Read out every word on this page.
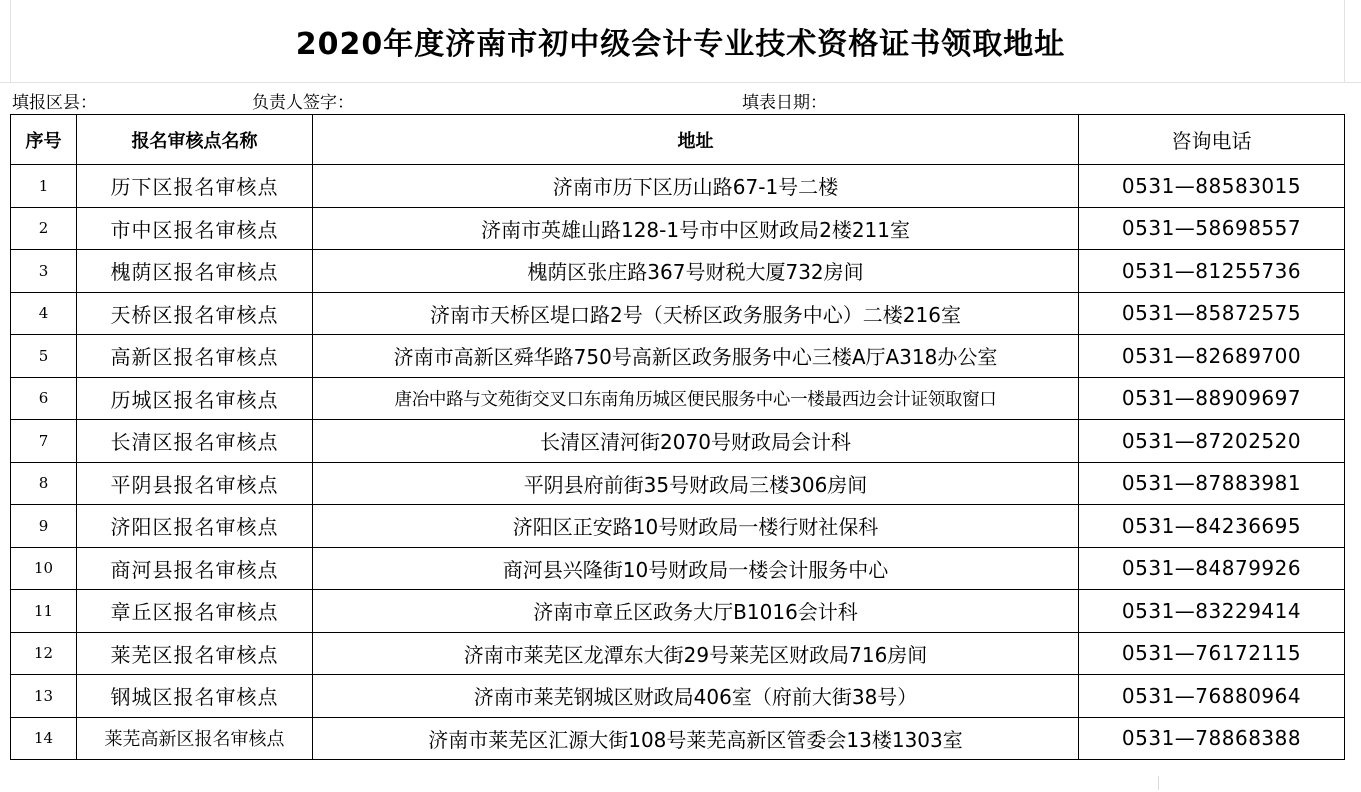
2020年度济南市初中级会计专业技术资格证书领取地址
填报区县：	负责人签字：	填表日期：
序号	报名审核点名称	地址	咨询电话
1	历下区报名审核点	济南市历下区历山路67-1号二楼	0531—88583015
2	市中区报名审核点	济南市英雄山路128-1号市中区财政局2楼211室	0531—58698557
3	槐荫区报名审核点	槐荫区张庄路367号财税大厦732房间	0531—81255736
4	天桥区报名审核点	济南市天桥区堤口路2号（天桥区政务服务中心）二楼216室	0531—85872575
5	高新区报名审核点	济南市高新区舜华路750号高新区政务服务中心三楼A厅A318办公室	0531—82689700
6	历城区报名审核点	唐冶中路与文苑街交叉口东南角历城区便民服务中心一楼最西边会计证领取窗口	0531—88909697
7	长清区报名审核点	长清区清河街2070号财政局会计科	0531—87202520
8	平阴县报名审核点	平阴县府前街35号财政局三楼306房间	0531—87883981
9	济阳区报名审核点	济阳区正安路10号财政局一楼行财社保科	0531—84236695
10	商河县报名审核点	商河县兴隆街10号财政局一楼会计服务中心	0531—84879926
11	章丘区报名审核点	济南市章丘区政务大厅B1016会计科	0531—83229414
12	莱芜区报名审核点	济南市莱芜区龙潭东大街29号莱芜区财政局716房间	0531—76172115
13	钢城区报名审核点	济南市莱芜钢城区财政局406室（府前大街38号）	0531—76880964
14	莱芜高新区报名审核点	济南市莱芜区汇源大街108号莱芜高新区管委会13楼1303室	0531—78868388
